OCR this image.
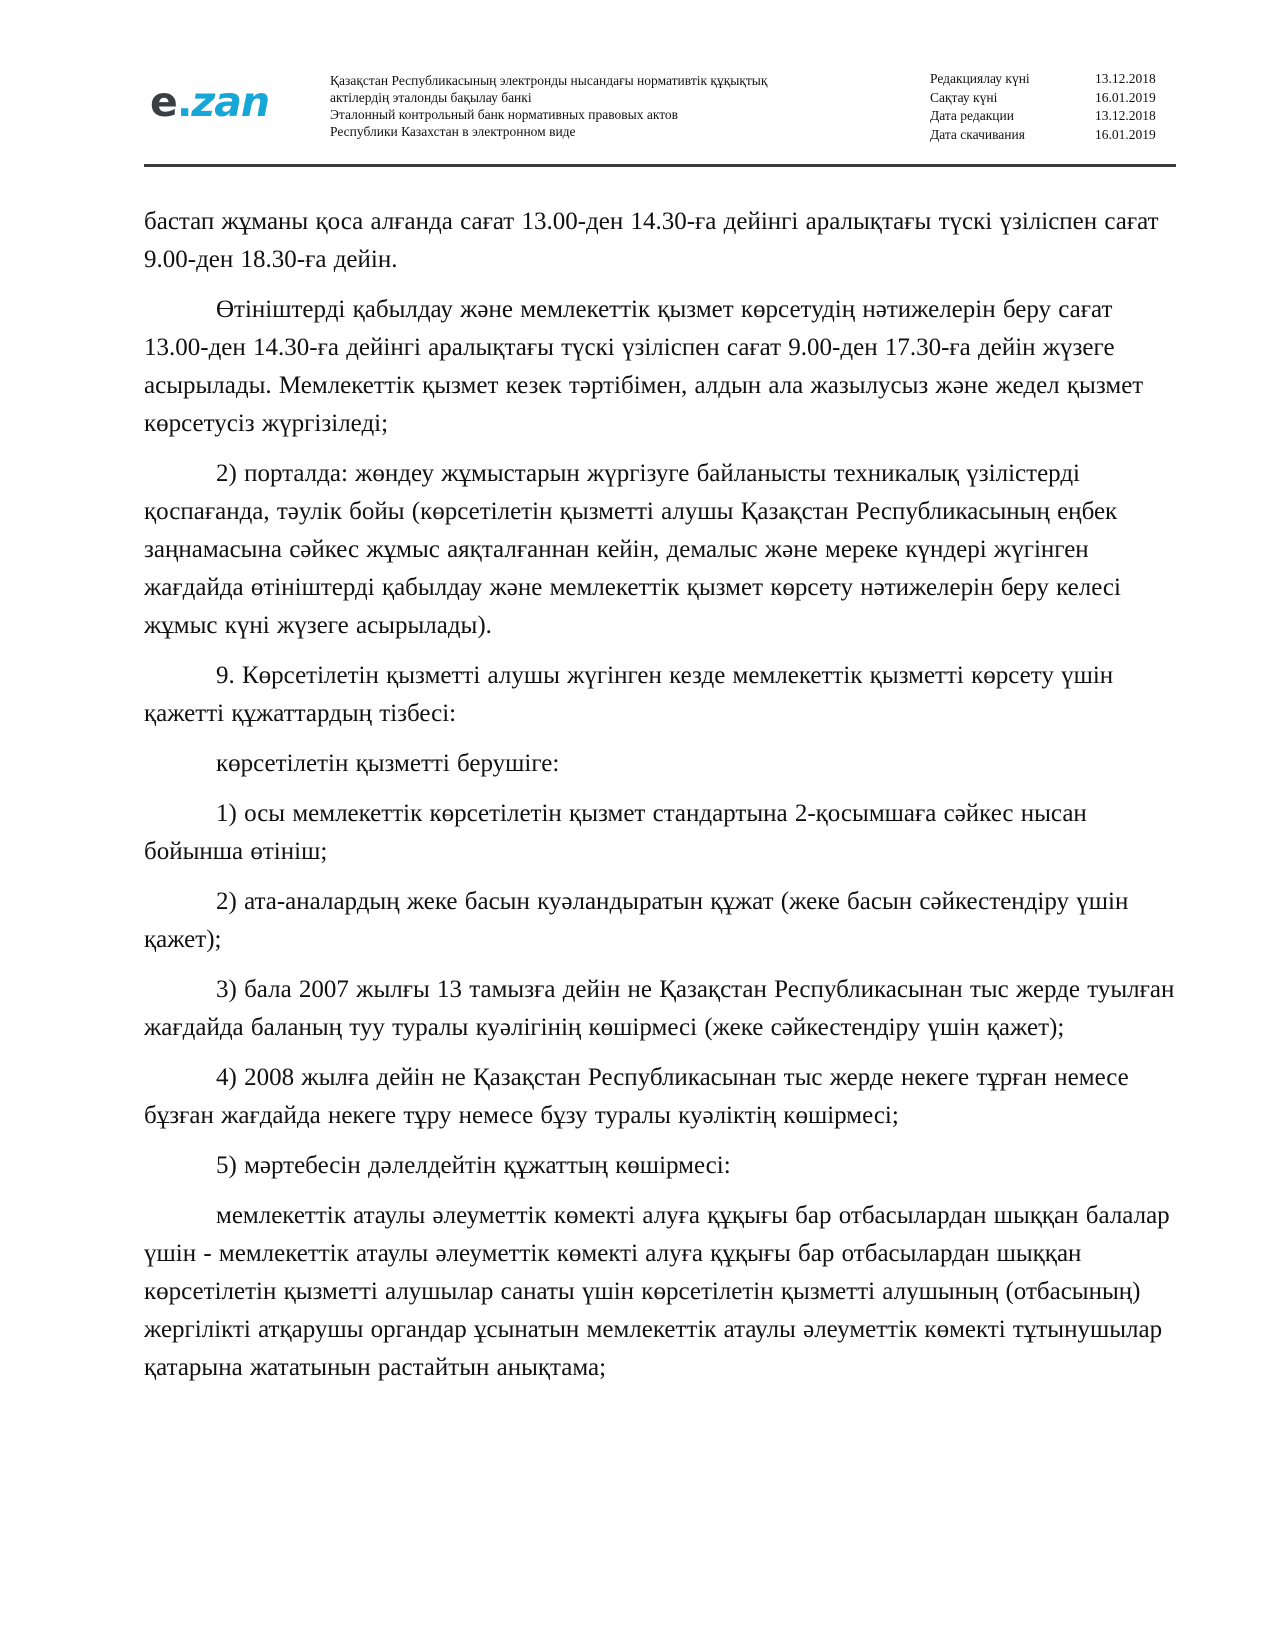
e.zan	Қазақстан Республикасының электронды нысандағы нормативтік құқықтық
актілердің эталонды бақылау банкі
Эталонный контрольный банк нормативных правовых актов
Республики Казахстан в электронном виде
Редакциялау күні	13.12.2018
Сақтау күні	16.01.2019
Дата редакции	13.12.2018
Дата скачивания	16.01.2019

бастап жұманы қоса алғанда сағат 13.00-ден 14.30-ға дейінгі аралықтағы түскі үзіліспен сағат 9.00-ден 18.30-ға дейін.

Өтініштерді қабылдау және мемлекеттік қызмет көрсетудің нәтижелерін беру сағат 13.00-ден 14.30-ға дейінгі аралықтағы түскі үзіліспен сағат 9.00-ден 17.30-ға дейін жүзеге асырылады. Мемлекеттік қызмет кезек тәртібімен, алдын ала жазылусыз және жедел қызмет көрсетусіз жүргізіледі;

2) порталда: жөндеу жұмыстарын жүргізуге байланысты техникалық үзілістерді қоспағанда, тәулік бойы (көрсетілетін қызметті алушы Қазақстан Республикасының еңбек заңнамасына сәйкес жұмыс аяқталғаннан кейін, демалыс және мереке күндері жүгінген жағдайда өтініштерді қабылдау және мемлекеттік қызмет көрсету нәтижелерін беру келесі жұмыс күні жүзеге асырылады).

9. Көрсетілетін қызметті алушы жүгінген кезде мемлекеттік қызметті көрсету үшін қажетті құжаттардың тізбесі:

көрсетілетін қызметті берушіге:

1) осы мемлекеттік көрсетілетін қызмет стандартына 2-қосымшаға сәйкес нысан бойынша өтініш;

2) ата-аналардың жеке басын куәландыратын құжат (жеке басын сәйкестендіру үшін қажет);

3) бала 2007 жылғы 13 тамызға дейін не Қазақстан Республикасынан тыс жерде туылған жағдайда баланың туу туралы куәлігінің көшірмесі (жеке сәйкестендіру үшін қажет);

4) 2008 жылға дейін не Қазақстан Республикасынан тыс жерде некеге тұрған немесе бұзған жағдайда некеге тұру немесе бұзу туралы куәліктің көшірмесі;

5) мәртебесін дәлелдейтін құжаттың көшірмесі:

мемлекеттік атаулы әлеуметтік көмекті алуға құқығы бар отбасылардан шыққан балалар үшін - мемлекеттік атаулы әлеуметтік көмекті алуға құқығы бар отбасылардан шыққан көрсетілетін қызметті алушылар санаты үшін көрсетілетін қызметті алушының (отбасының) жергілікті атқарушы органдар ұсынатын мемлекеттік атаулы әлеуметтік көмекті тұтынушылар қатарына жататынын растайтын анықтама;
